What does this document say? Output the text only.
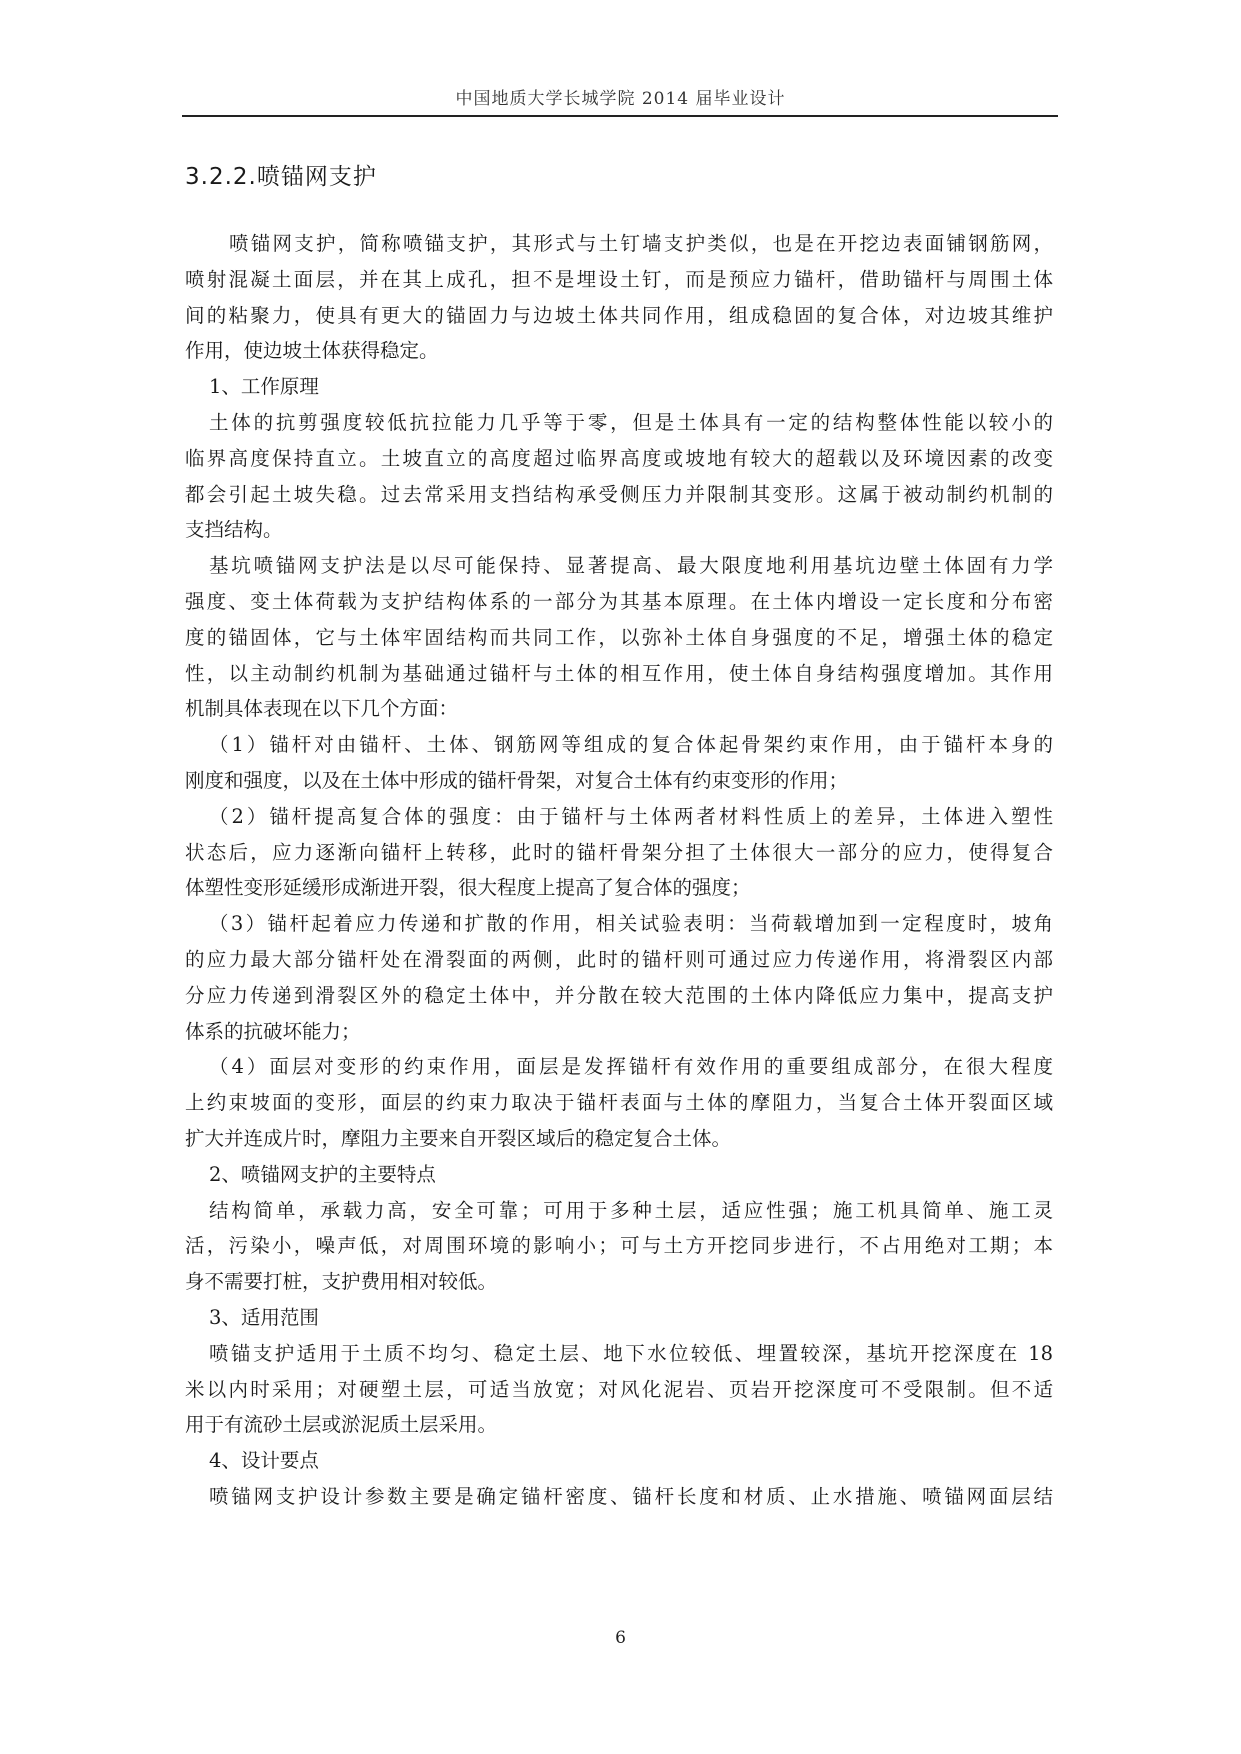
中国地质大学长城学院 2014 届毕业设计
3.2.2.喷锚网支护
喷锚网支护，简称喷锚支护，其形式与土钉墙支护类似，也是在开挖边表面铺钢筋网，
喷射混凝土面层，并在其上成孔，担不是埋设土钉，而是预应力锚杆，借助锚杆与周围土体
间的粘聚力，使具有更大的锚固力与边坡土体共同作用，组成稳固的复合体，对边坡其维护
作用，使边坡土体获得稳定。
1、工作原理
土体的抗剪强度较低抗拉能力几乎等于零，但是土体具有一定的结构整体性能以较小的
临界高度保持直立。土坡直立的高度超过临界高度或坡地有较大的超载以及环境因素的改变
都会引起土坡失稳。过去常采用支挡结构承受侧压力并限制其变形。这属于被动制约机制的
支挡结构。
基坑喷锚网支护法是以尽可能保持、显著提高、最大限度地利用基坑边壁土体固有力学
强度、变土体荷载为支护结构体系的一部分为其基本原理。在土体内增设一定长度和分布密
度的锚固体，它与土体牢固结构而共同工作，以弥补土体自身强度的不足，增强土体的稳定
性，以主动制约机制为基础通过锚杆与土体的相互作用，使土体自身结构强度增加。其作用
机制具体表现在以下几个方面：
（1）锚杆对由锚杆、土体、钢筋网等组成的复合体起骨架约束作用，由于锚杆本身的
刚度和强度，以及在土体中形成的锚杆骨架，对复合土体有约束变形的作用；
（2）锚杆提高复合体的强度：由于锚杆与土体两者材料性质上的差异，土体进入塑性
状态后，应力逐渐向锚杆上转移，此时的锚杆骨架分担了土体很大一部分的应力，使得复合
体塑性变形延缓形成渐进开裂，很大程度上提高了复合体的强度；
（3）锚杆起着应力传递和扩散的作用，相关试验表明：当荷载增加到一定程度时，坡角
的应力最大部分锚杆处在滑裂面的两侧，此时的锚杆则可通过应力传递作用，将滑裂区内部
分应力传递到滑裂区外的稳定土体中，并分散在较大范围的土体内降低应力集中，提高支护
体系的抗破坏能力；
（4）面层对变形的约束作用，面层是发挥锚杆有效作用的重要组成部分，在很大程度
上约束坡面的变形，面层的约束力取决于锚杆表面与土体的摩阻力，当复合土体开裂面区域
扩大并连成片时，摩阻力主要来自开裂区域后的稳定复合土体。
2、喷锚网支护的主要特点
结构简单，承载力高，安全可靠；可用于多种土层，适应性强；施工机具简单、施工灵
活，污染小，噪声低，对周围环境的影响小；可与土方开挖同步进行，不占用绝对工期；本
身不需要打桩，支护费用相对较低。
3、适用范围
喷锚支护适用于土质不均匀、稳定土层、地下水位较低、埋置较深，基坑开挖深度在 18
米以内时采用；对硬塑土层，可适当放宽；对风化泥岩、页岩开挖深度可不受限制。但不适
用于有流砂土层或淤泥质土层采用。
4、设计要点
喷锚网支护设计参数主要是确定锚杆密度、锚杆长度和材质、止水措施、喷锚网面层结
6
